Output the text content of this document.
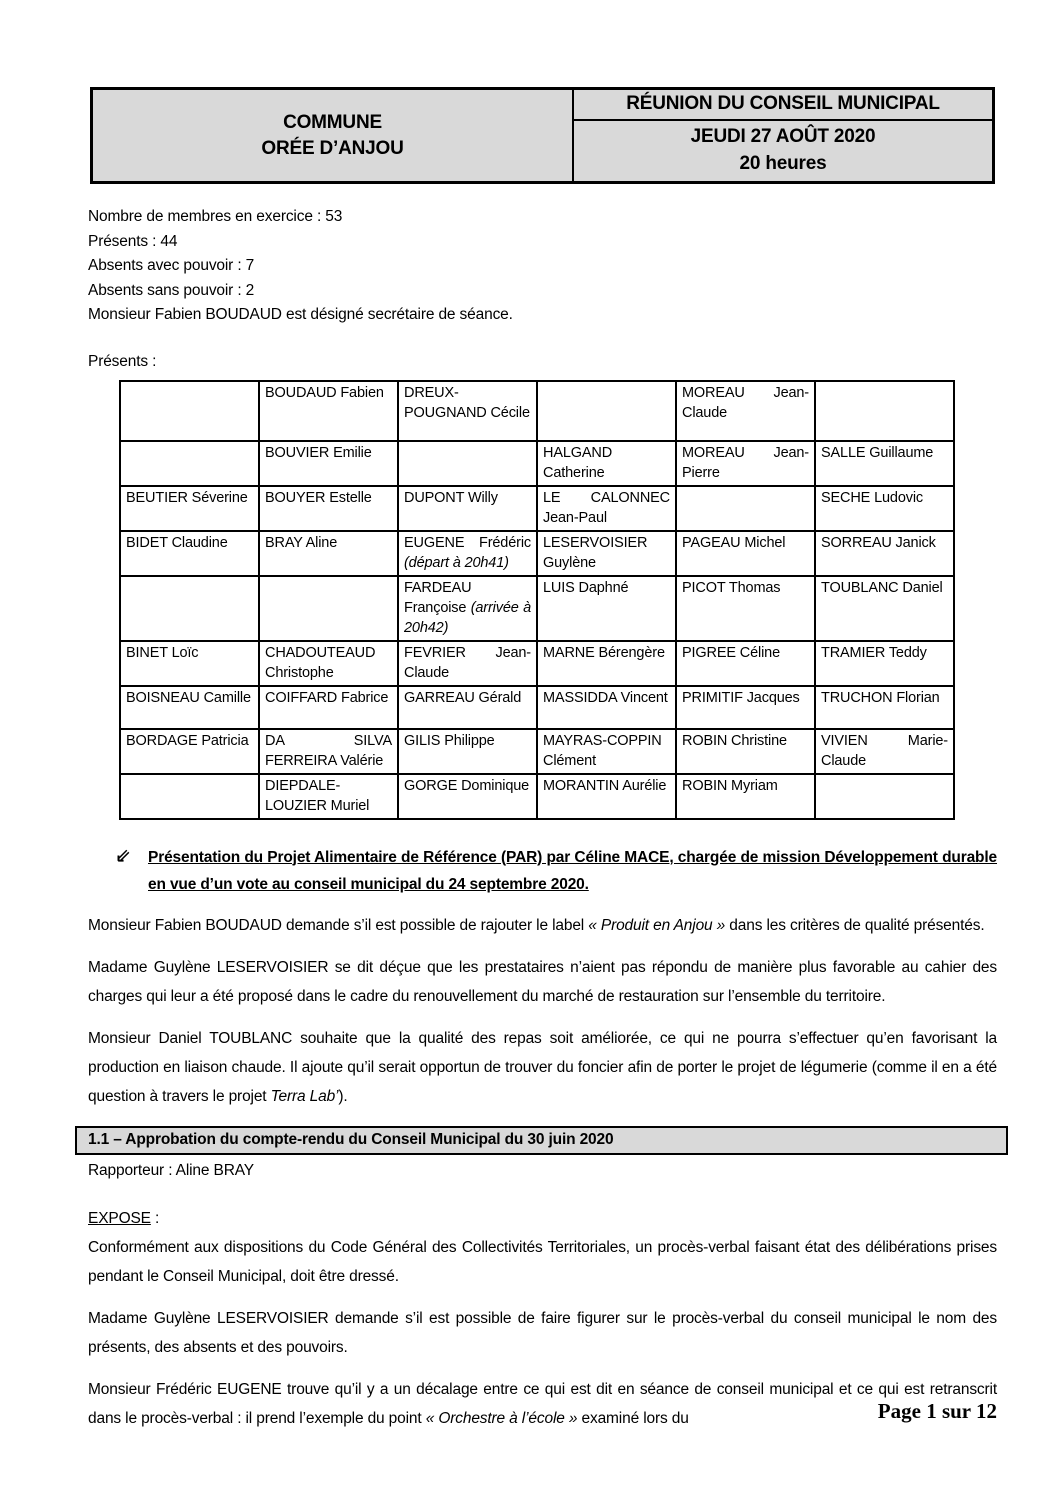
COMMUNE
ORÉE D’ANJOU
RÉUNION DU CONSEIL MUNICIPAL
JEUDI 27 AOÛT 2020
20 heures
Nombre de membres en exercice : 53
Présents : 44
Absents avec pouvoir : 7
Absents sans pouvoir : 2
Monsieur Fabien BOUDAUD est désigné secrétaire de séance.
Présents :
	BOUDAUD Fabien	DREUX-POUGNAND Cécile		MOREAU Jean-Claude	
	BOUVIER Emilie		HALGAND Catherine	MOREAU Jean-Pierre	SALLE Guillaume
BEUTIER Séverine	BOUYER Estelle	DUPONT Willy	LE CALONNEC Jean-Paul		SECHE Ludovic
BIDET Claudine	BRAY Aline	EUGENE Frédéric (départ à 20h41)	LESERVOISIER Guylène	PAGEAU Michel	SORREAU Janick
		FARDEAU Françoise (arrivée à 20h42)	LUIS Daphné	PICOT Thomas	TOUBLANC Daniel
BINET Loïc	CHADOUTEAUD Christophe	FEVRIER Jean-Claude	MARNE Bérengère	PIGREE Céline	TRAMIER Teddy
BOISNEAU Camille	COIFFARD Fabrice	GARREAU Gérald	MASSIDDA Vincent	PRIMITIF Jacques	TRUCHON Florian
BORDAGE Patricia	DA SILVA FERREIRA Valérie	GILIS Philippe	MAYRAS-COPPIN Clément	ROBIN Christine	VIVIEN Marie-Claude
	DIEPDALE-LOUZIER Muriel	GORGE Dominique	MORANTIN Aurélie	ROBIN Myriam	
⇙ Présentation du Projet Alimentaire de Référence (PAR) par Céline MACE, chargée de mission Développement durable en vue d’un vote au conseil municipal du 24 septembre 2020.

Monsieur Fabien BOUDAUD demande s’il est possible de rajouter le label « Produit en Anjou » dans les critères de qualité présentés.

Madame Guylène LESERVOISIER se dit déçue que les prestataires n’aient pas répondu de manière plus favorable au cahier des charges qui leur a été proposé dans le cadre du renouvellement du marché de restauration sur l’ensemble du territoire.

Monsieur Daniel TOUBLANC souhaite que la qualité des repas soit améliorée, ce qui ne pourra s’effectuer qu’en favorisant la production en liaison chaude. Il ajoute qu’il serait opportun de trouver du foncier afin de porter le projet de légumerie (comme il en a été question à travers le projet Terra Lab’).

1.1 – Approbation du compte-rendu du Conseil Municipal du 30 juin 2020
Rapporteur : Aline BRAY
EXPOSE :

Conformément aux dispositions du Code Général des Collectivités Territoriales, un procès-verbal faisant état des délibérations prises pendant le Conseil Municipal, doit être dressé.

Madame Guylène LESERVOISIER demande s’il est possible de faire figurer sur le procès-verbal du conseil municipal le nom des présents, des absents et des pouvoirs.

Monsieur Frédéric EUGENE trouve qu’il y a un décalage entre ce qui est dit en séance de conseil municipal et ce qui est retranscrit dans le procès-verbal : il prend l’exemple du point « Orchestre à l’école » examiné lors du	Page 1 sur 12
